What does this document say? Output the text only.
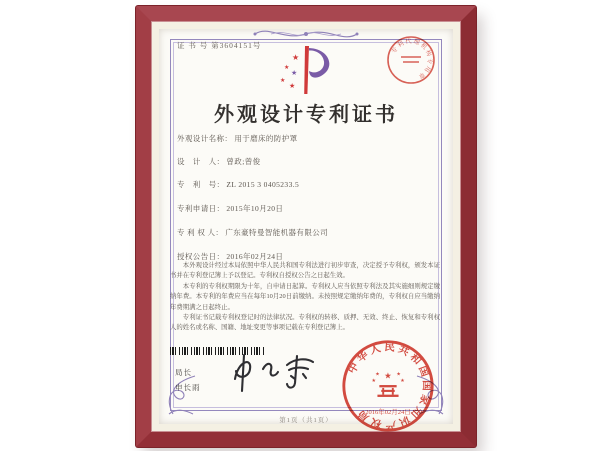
证 书 号 第3604151号	专利代理机构专用章
★
★
★
★
★
外观设计专利证书
外观设计名称： 用于磨床的防护罩
设　计　人： 曾政;曾俊
专　利　号： ZL 2015 3 0405233.5
专利申请日： 2015年10月20日
专 利 权 人： 广东豪特曼智能机器有限公司
授权公告日： 2016年02月24日

本外观设计经过本局依照中华人民共和国专利法进行初步审查，决定授予专利权，颁发本证书并在专利登记簿上予以登记。专利权自授权公告之日起生效。

本专利的专利权期限为十年，自申请日起算。专利权人应当依照专利法及其实施细则规定缴纳年费。本专利的年费应当在每年10月20日前缴纳。未按照规定缴纳年费的，专利权自应当缴纳年费期满之日起终止。

专利证书记载专利权登记时的法律状况。专利权的转移、质押、无效、终止、恢复和专利权人的姓名或名称、国籍、地址变更等事项记载在专利登记簿上。

局长
申长雨
中华人民共和国国家知识产权局
★
★	★
★	★
2016年02月24日
第1页（共1页）
